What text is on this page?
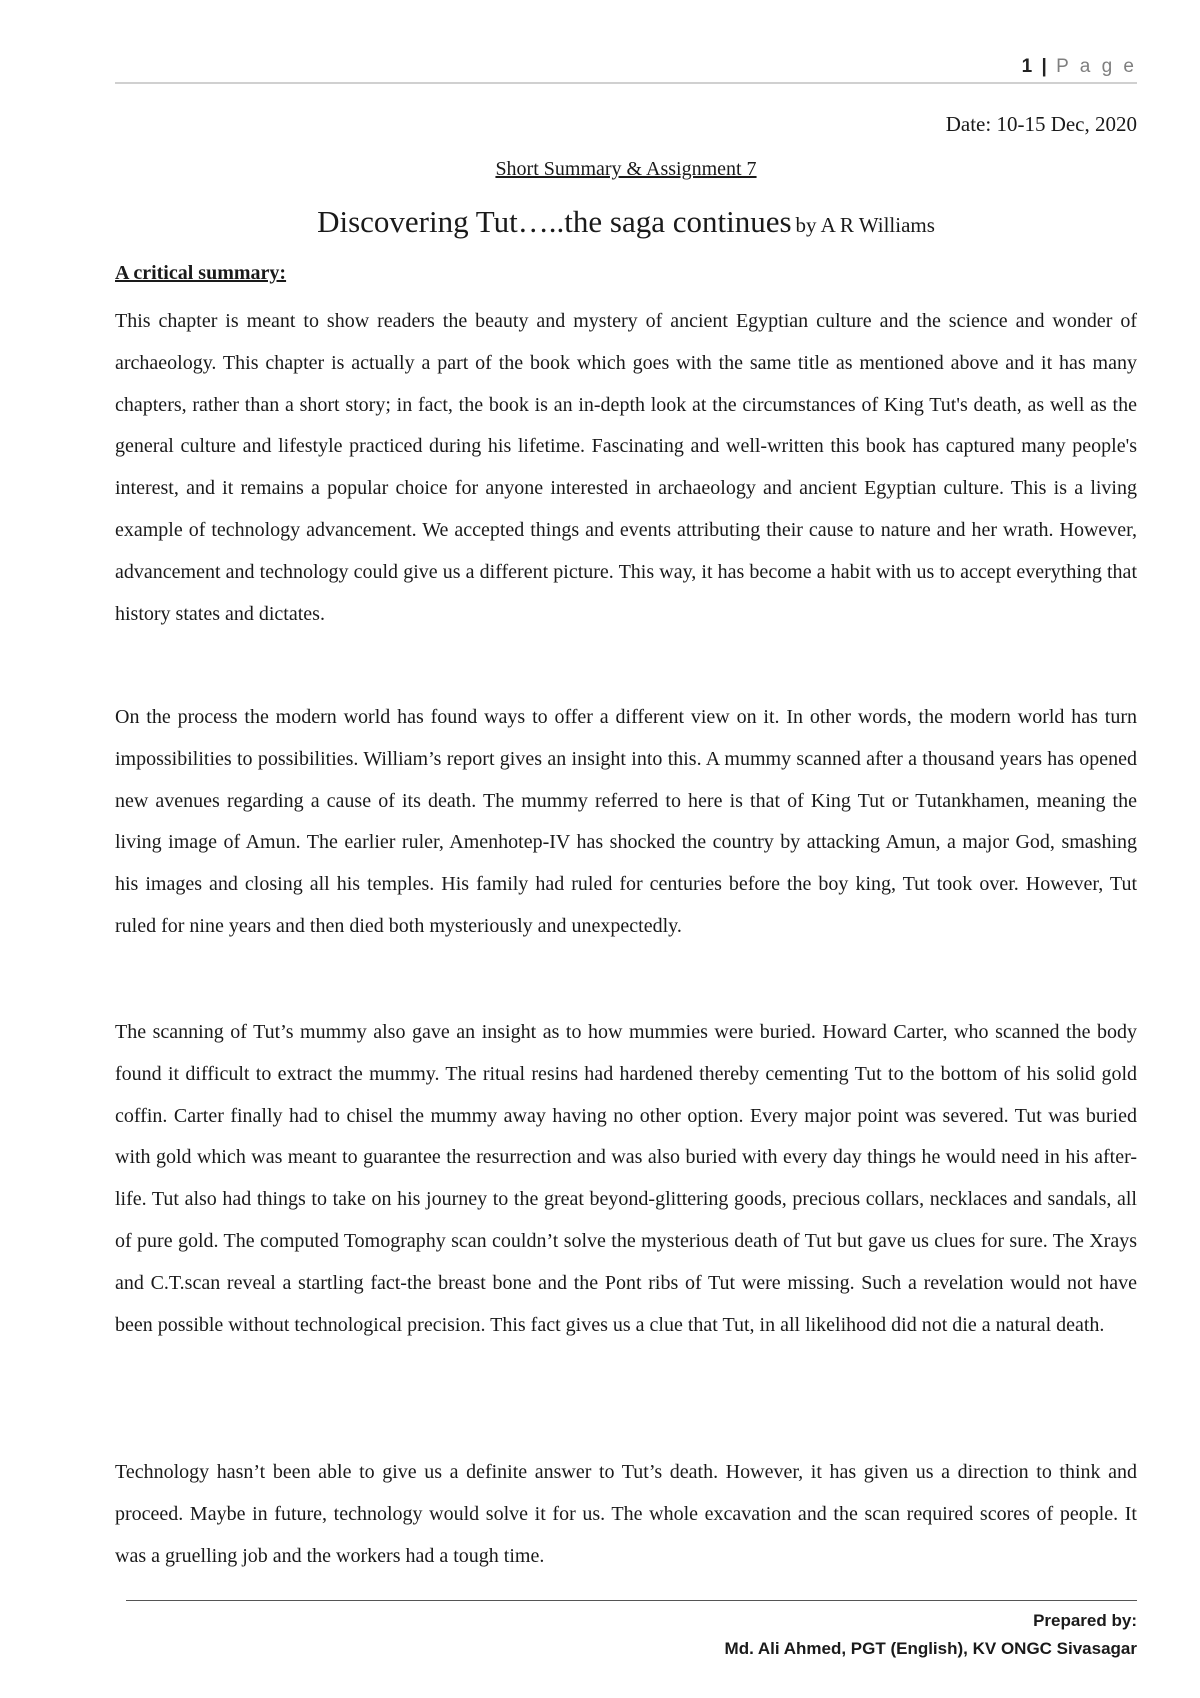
1 | P a g e
Date: 10-15 Dec, 2020
Short Summary & Assignment 7
Discovering Tut…..the saga continues by A R Williams
A critical summary:

This chapter is meant to show readers the beauty and mystery of ancient Egyptian culture and the science and wonder of archaeology. This chapter is actually a part of the book which goes with the same title as mentioned above and it has many chapters, rather than a short story; in fact, the book is an in-depth look at the circumstances of King Tut's death, as well as the general culture and lifestyle practiced during his lifetime. Fascinating and well-written this book has captured many people's interest, and it remains a popular choice for anyone interested in archaeology and ancient Egyptian culture. This is a living example of technology advancement. We accepted things and events attributing their cause to nature and her wrath. However, advancement and technology could give us a different picture. This way, it has become a habit with us to accept everything that history states and dictates.

On the process the modern world has found ways to offer a different view on it. In other words, the modern world has turn impossibilities to possibilities. William’s report gives an insight into this. A mummy scanned after a thousand years has opened new avenues regarding a cause of its death. The mummy referred to here is that of King Tut or Tutankhamen, meaning the living image of Amun. The earlier ruler, Amenhotep-IV has shocked the country by attacking Amun, a major God, smashing his images and closing all his temples. His family had ruled for centuries before the boy king, Tut took over. However, Tut ruled for nine years and then died both mysteriously and unexpectedly.

The scanning of Tut’s mummy also gave an insight as to how mummies were buried. Howard Carter, who scanned the body found it difficult to extract the mummy. The ritual resins had hardened thereby cementing Tut to the bottom of his solid gold coffin. Carter finally had to chisel the mummy away having no other option. Every major point was severed. Tut was buried with gold which was meant to guarantee the resurrection and was also buried with every day things he would need in his after-life. Tut also had things to take on his journey to the great beyond-glittering goods, precious collars, necklaces and sandals, all of pure gold. The computed Tomography scan couldn’t solve the mysterious death of Tut but gave us clues for sure. The Xrays and C.T.scan reveal a startling fact-the breast bone and the Pont ribs of Tut were missing. Such a revelation would not have been possible without technological precision. This fact gives us a clue that Tut, in all likelihood did not die a natural death.

Technology hasn’t been able to give us a definite answer to Tut’s death. However, it has given us a direction to think and proceed. Maybe in future, technology would solve it for us. The whole excavation and the scan required scores of people. It was a gruelling job and the workers had a tough time.

Prepared by:
Md. Ali Ahmed, PGT (English), KV ONGC Sivasagar
